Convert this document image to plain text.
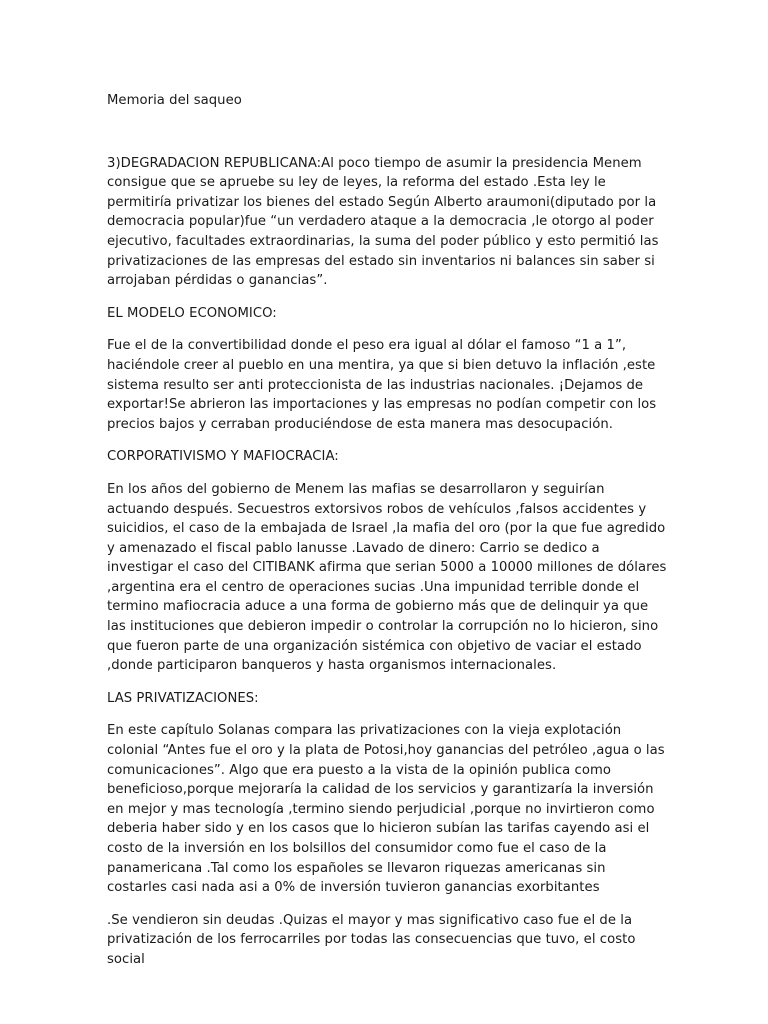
Memoria del saqueo

3)DEGRADACION REPUBLICANA:Al poco tiempo de asumir la presidencia Menem consigue que se apruebe su ley de leyes, la reforma del estado .Esta ley le permitiría privatizar los bienes del estado Según Alberto araumoni(diputado por la democracia popular)fue “un verdadero ataque a la democracia ,le otorgo al poder ejecutivo, facultades extraordinarias, la suma del poder público y esto permitió las privatizaciones de las empresas del estado sin inventarios ni balances sin saber si arrojaban pérdidas o ganancias”.

EL MODELO ECONOMICO:

Fue el de la convertibilidad donde el peso era igual al dólar el famoso “1 a 1”, haciéndole creer al pueblo en una mentira, ya que si bien detuvo la inflación ,este sistema resulto ser anti proteccionista de las industrias nacionales. ¡Dejamos de exportar!Se abrieron las importaciones y las empresas no podían competir con los precios bajos y cerraban produciéndose de esta manera mas desocupación.

CORPORATIVISMO Y MAFIOCRACIA:

En los años del gobierno de Menem las mafias se desarrollaron y seguirían actuando después. Secuestros extorsivos robos de vehículos ,falsos accidentes y suicidios, el caso de la embajada de Israel ,la mafia del oro (por la que fue agredido y amenazado el fiscal pablo lanusse .Lavado de dinero: Carrio se dedico a investigar el caso del CITIBANK afirma que serian 5000 a 10000 millones de dólares ,argentina era el centro de operaciones sucias .Una impunidad terrible donde el termino mafiocracia aduce a una forma de gobierno más que de delinquir ya que las instituciones que debieron impedir o controlar la corrupción no lo hicieron, sino que fueron parte de una organización sistémica con objetivo de vaciar el estado ,donde participaron banqueros y hasta organismos internacionales.

LAS PRIVATIZACIONES:

En este capítulo Solanas compara las privatizaciones con la vieja explotación colonial “Antes fue el oro y la plata de Potosi,hoy ganancias del petróleo ,agua o las comunicaciones”. Algo que era puesto a la vista de la opinión publica como beneficioso,porque mejoraría la calidad de los servicios y garantizaría la inversión en mejor y mas tecnología ,termino siendo perjudicial ,porque no invirtieron como deberia haber sido y en los casos que lo hicieron subían las tarifas cayendo asi el costo de la inversión en los bolsillos del consumidor como fue el caso de la panamericana .Tal como los españoles se llevaron riquezas americanas sin costarles casi nada asi a 0% de inversión tuvieron ganancias exorbitantes

.Se vendieron sin deudas .Quizas el mayor y mas significativo caso fue el de la privatización de los ferrocarriles por todas las consecuencias que tuvo, el costo social
